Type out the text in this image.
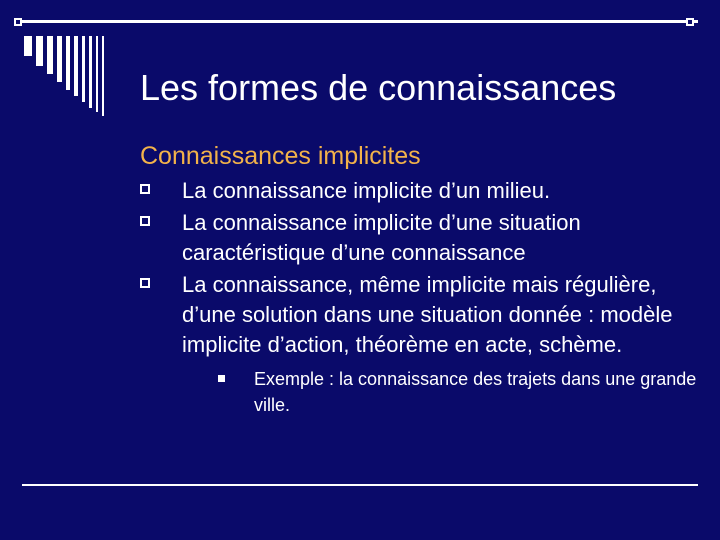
Les formes de connaissances
Connaissances implicites
La connaissance implicite d’un milieu.
La connaissance implicite d’une situation caractéristique d’une connaissance
La connaissance, même implicite mais régulière, d’une solution dans une situation donnée : modèle implicite d’action, théorème en acte, schème.
Exemple : la connaissance des trajets dans une grande ville.
